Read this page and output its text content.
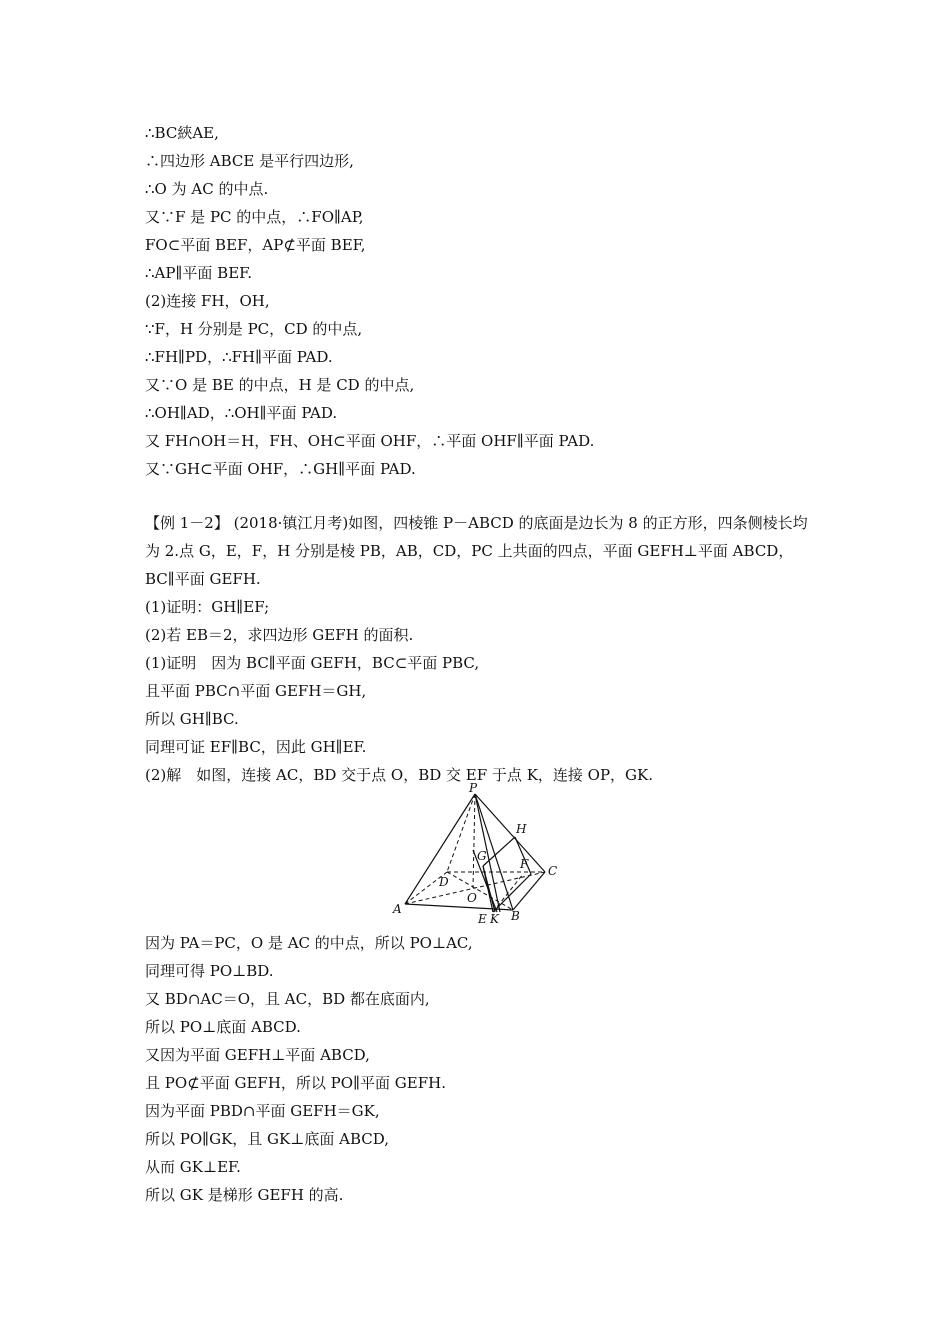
∴BC綊AE,
∴四边形 ABCE 是平行四边形,
∴O 为 AC 的中点.
又∵F 是 PC 的中点，∴FO∥AP,
FO⊂平面 BEF，AP⊄平面 BEF,
∴AP∥平面 BEF.
(2)连接 FH，OH,
∵F，H 分别是 PC，CD 的中点,
∴FH∥PD，∴FH∥平面 PAD.
又∵O 是 BE 的中点，H 是 CD 的中点,
∴OH∥AD，∴OH∥平面 PAD.
又 FH∩OH＝H，FH、OH⊂平面 OHF，∴平面 OHF∥平面 PAD.
又∵GH⊂平面 OHF，∴GH∥平面 PAD.
【例 1－2】 (2018·镇江月考)如图，四棱锥 P－ABCD 的底面是边长为 8 的正方形，四条侧棱长均为 2.点 G，E，F，H 分别是棱 PB，AB，CD，PC 上共面的四点，平面 GEFH⊥平面 ABCD，BC∥平面 GEFH.
(1)证明：GH∥EF;
(2)若 EB＝2，求四边形 GEFH 的面积.
(1)证明　因为 BC∥平面 GEFH，BC⊂平面 PBC,
且平面 PBC∩平面 GEFH＝GH,
所以 GH∥BC.
同理可证 EF∥BC，因此 GH∥EF.
(2)解　如图，连接 AC，BD 交于点 O，BD 交 EF 于点 K，连接 OP，GK.
P
H
G
C
D
F
O
A
E K B
因为 PA＝PC，O 是 AC 的中点，所以 PO⊥AC,
同理可得 PO⊥BD.
又 BD∩AC＝O，且 AC，BD 都在底面内,
所以 PO⊥底面 ABCD.
又因为平面 GEFH⊥平面 ABCD,
且 PO⊄平面 GEFH，所以 PO∥平面 GEFH.
因为平面 PBD∩平面 GEFH＝GK,
所以 PO∥GK，且 GK⊥底面 ABCD,
从而 GK⊥EF.
所以 GK 是梯形 GEFH 的高.
